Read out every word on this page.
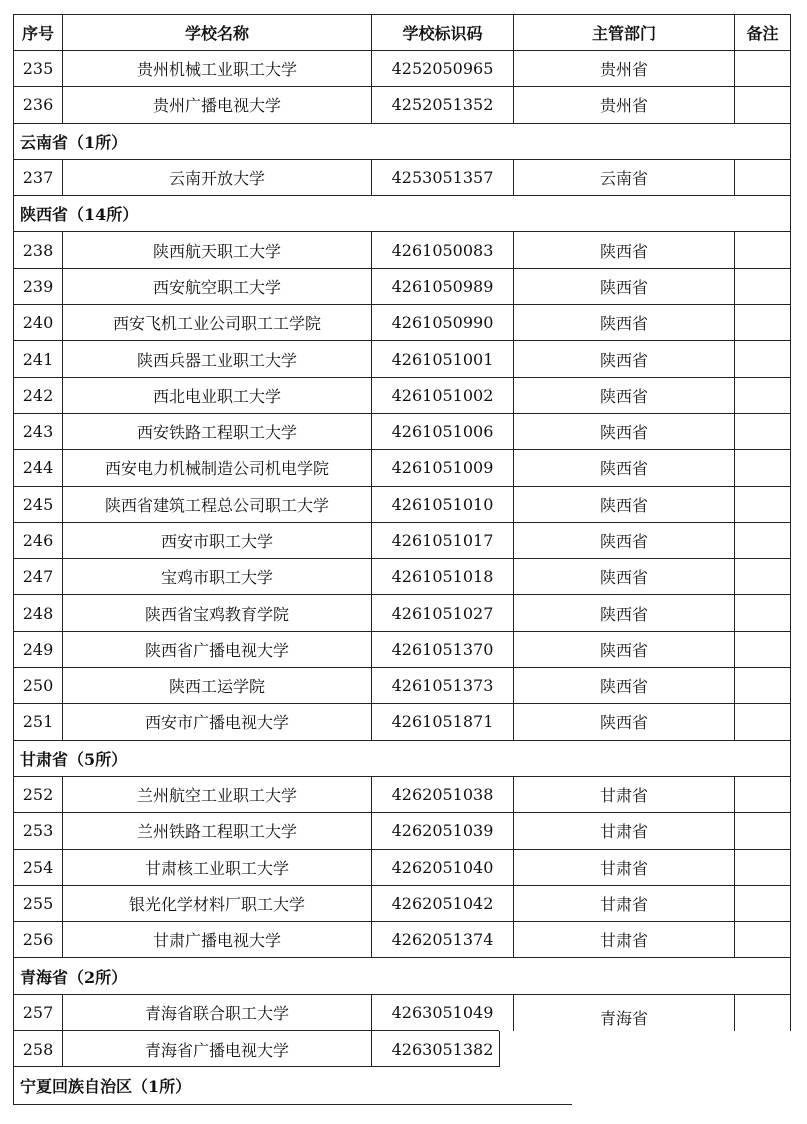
序号	学校名称	学校标识码	主管部门	备注
235	贵州机械工业职工大学	4252050965	贵州省
236	贵州广播电视大学	4252051352	贵州省
云南省（1所）
237	云南开放大学	4253051357	云南省
陕西省（14所）
238	陕西航天职工大学	4261050083	陕西省
239	西安航空职工大学	4261050989	陕西省
240	西安飞机工业公司职工工学院	4261050990	陕西省
241	陕西兵器工业职工大学	4261051001	陕西省
242	西北电业职工大学	4261051002	陕西省
243	西安铁路工程职工大学	4261051006	陕西省
244	西安电力机械制造公司机电学院	4261051009	陕西省
245	陕西省建筑工程总公司职工大学	4261051010	陕西省
246	西安市职工大学	4261051017	陕西省
247	宝鸡市职工大学	4261051018	陕西省
248	陕西省宝鸡教育学院	4261051027	陕西省
249	陕西省广播电视大学	4261051370	陕西省
250	陕西工运学院	4261051373	陕西省
251	西安市广播电视大学	4261051871	陕西省
甘肃省（5所）
252	兰州航空工业职工大学	4262051038	甘肃省
253	兰州铁路工程职工大学	4262051039	甘肃省
254	甘肃核工业职工大学	4262051040	甘肃省
255	银光化学材料厂职工大学	4262051042	甘肃省
256	甘肃广播电视大学	4262051374	甘肃省
青海省（2所）
257	青海省联合职工大学	4263051049	青海省
258	青海省广播电视大学	4263051382
宁夏回族自治区（1所）
